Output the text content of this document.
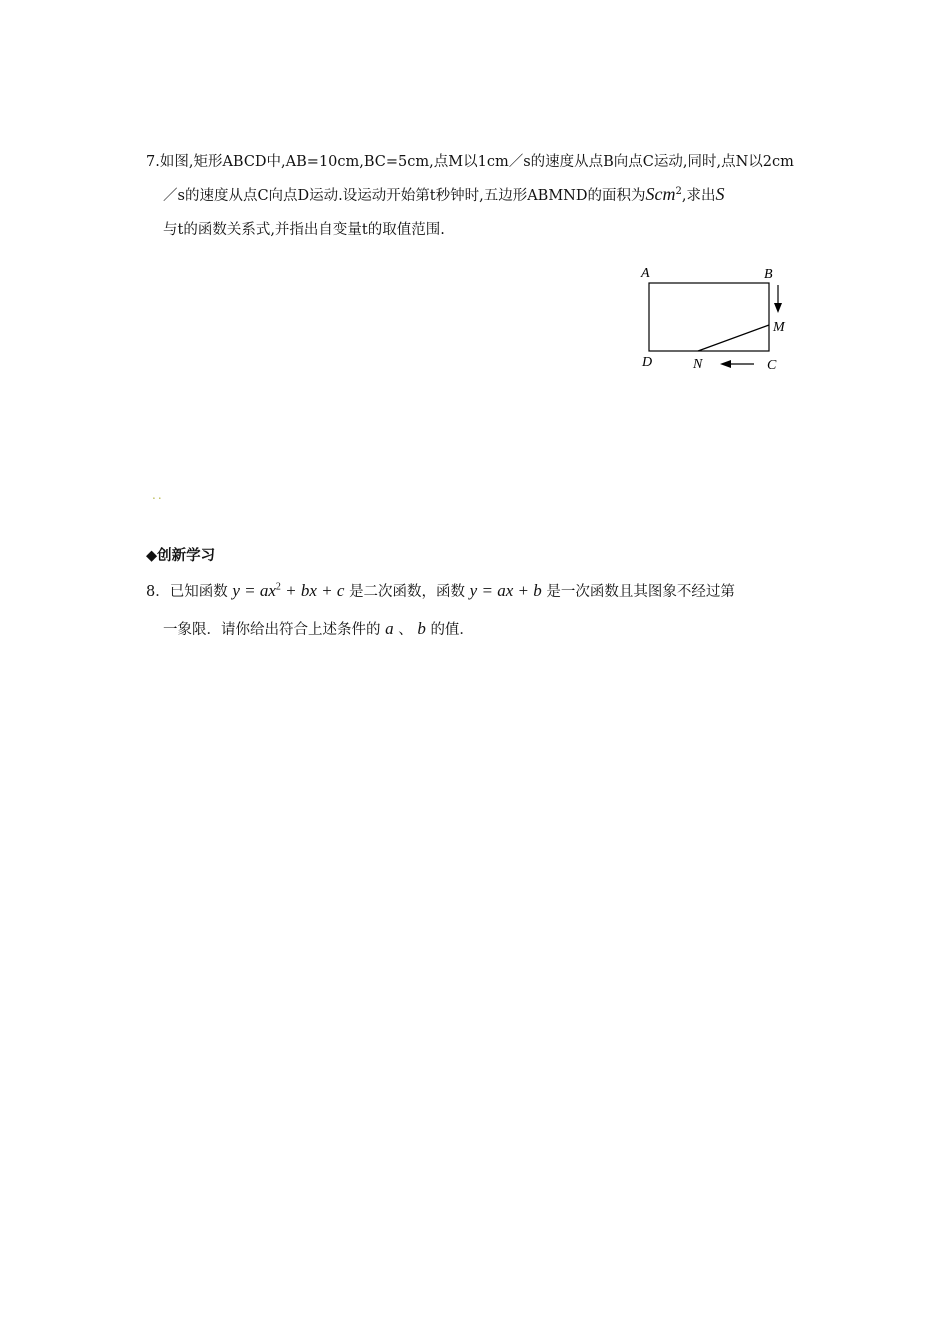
7.如图,矩形ABCD中,AB=10cm,BC=5cm,点M以1cm／s的速度从点B向点C运动,同时,点N以2cm
／s的速度从点C向点D运动.设运动开始第t秒钟时,五边形ABMND的面积为Scm$^2$,求出S
与t的函数关系式,并指出自变量t的取值范围.
A	B
M
D	N	C
..
◆创新学习
8．已知函数 $y = ax^2$ + bx + c 是二次函数，函数 y = ax + b 是一次函数且其图象不经过第
一象限．请你给出符合上述条件的 a 、 b 的值．
